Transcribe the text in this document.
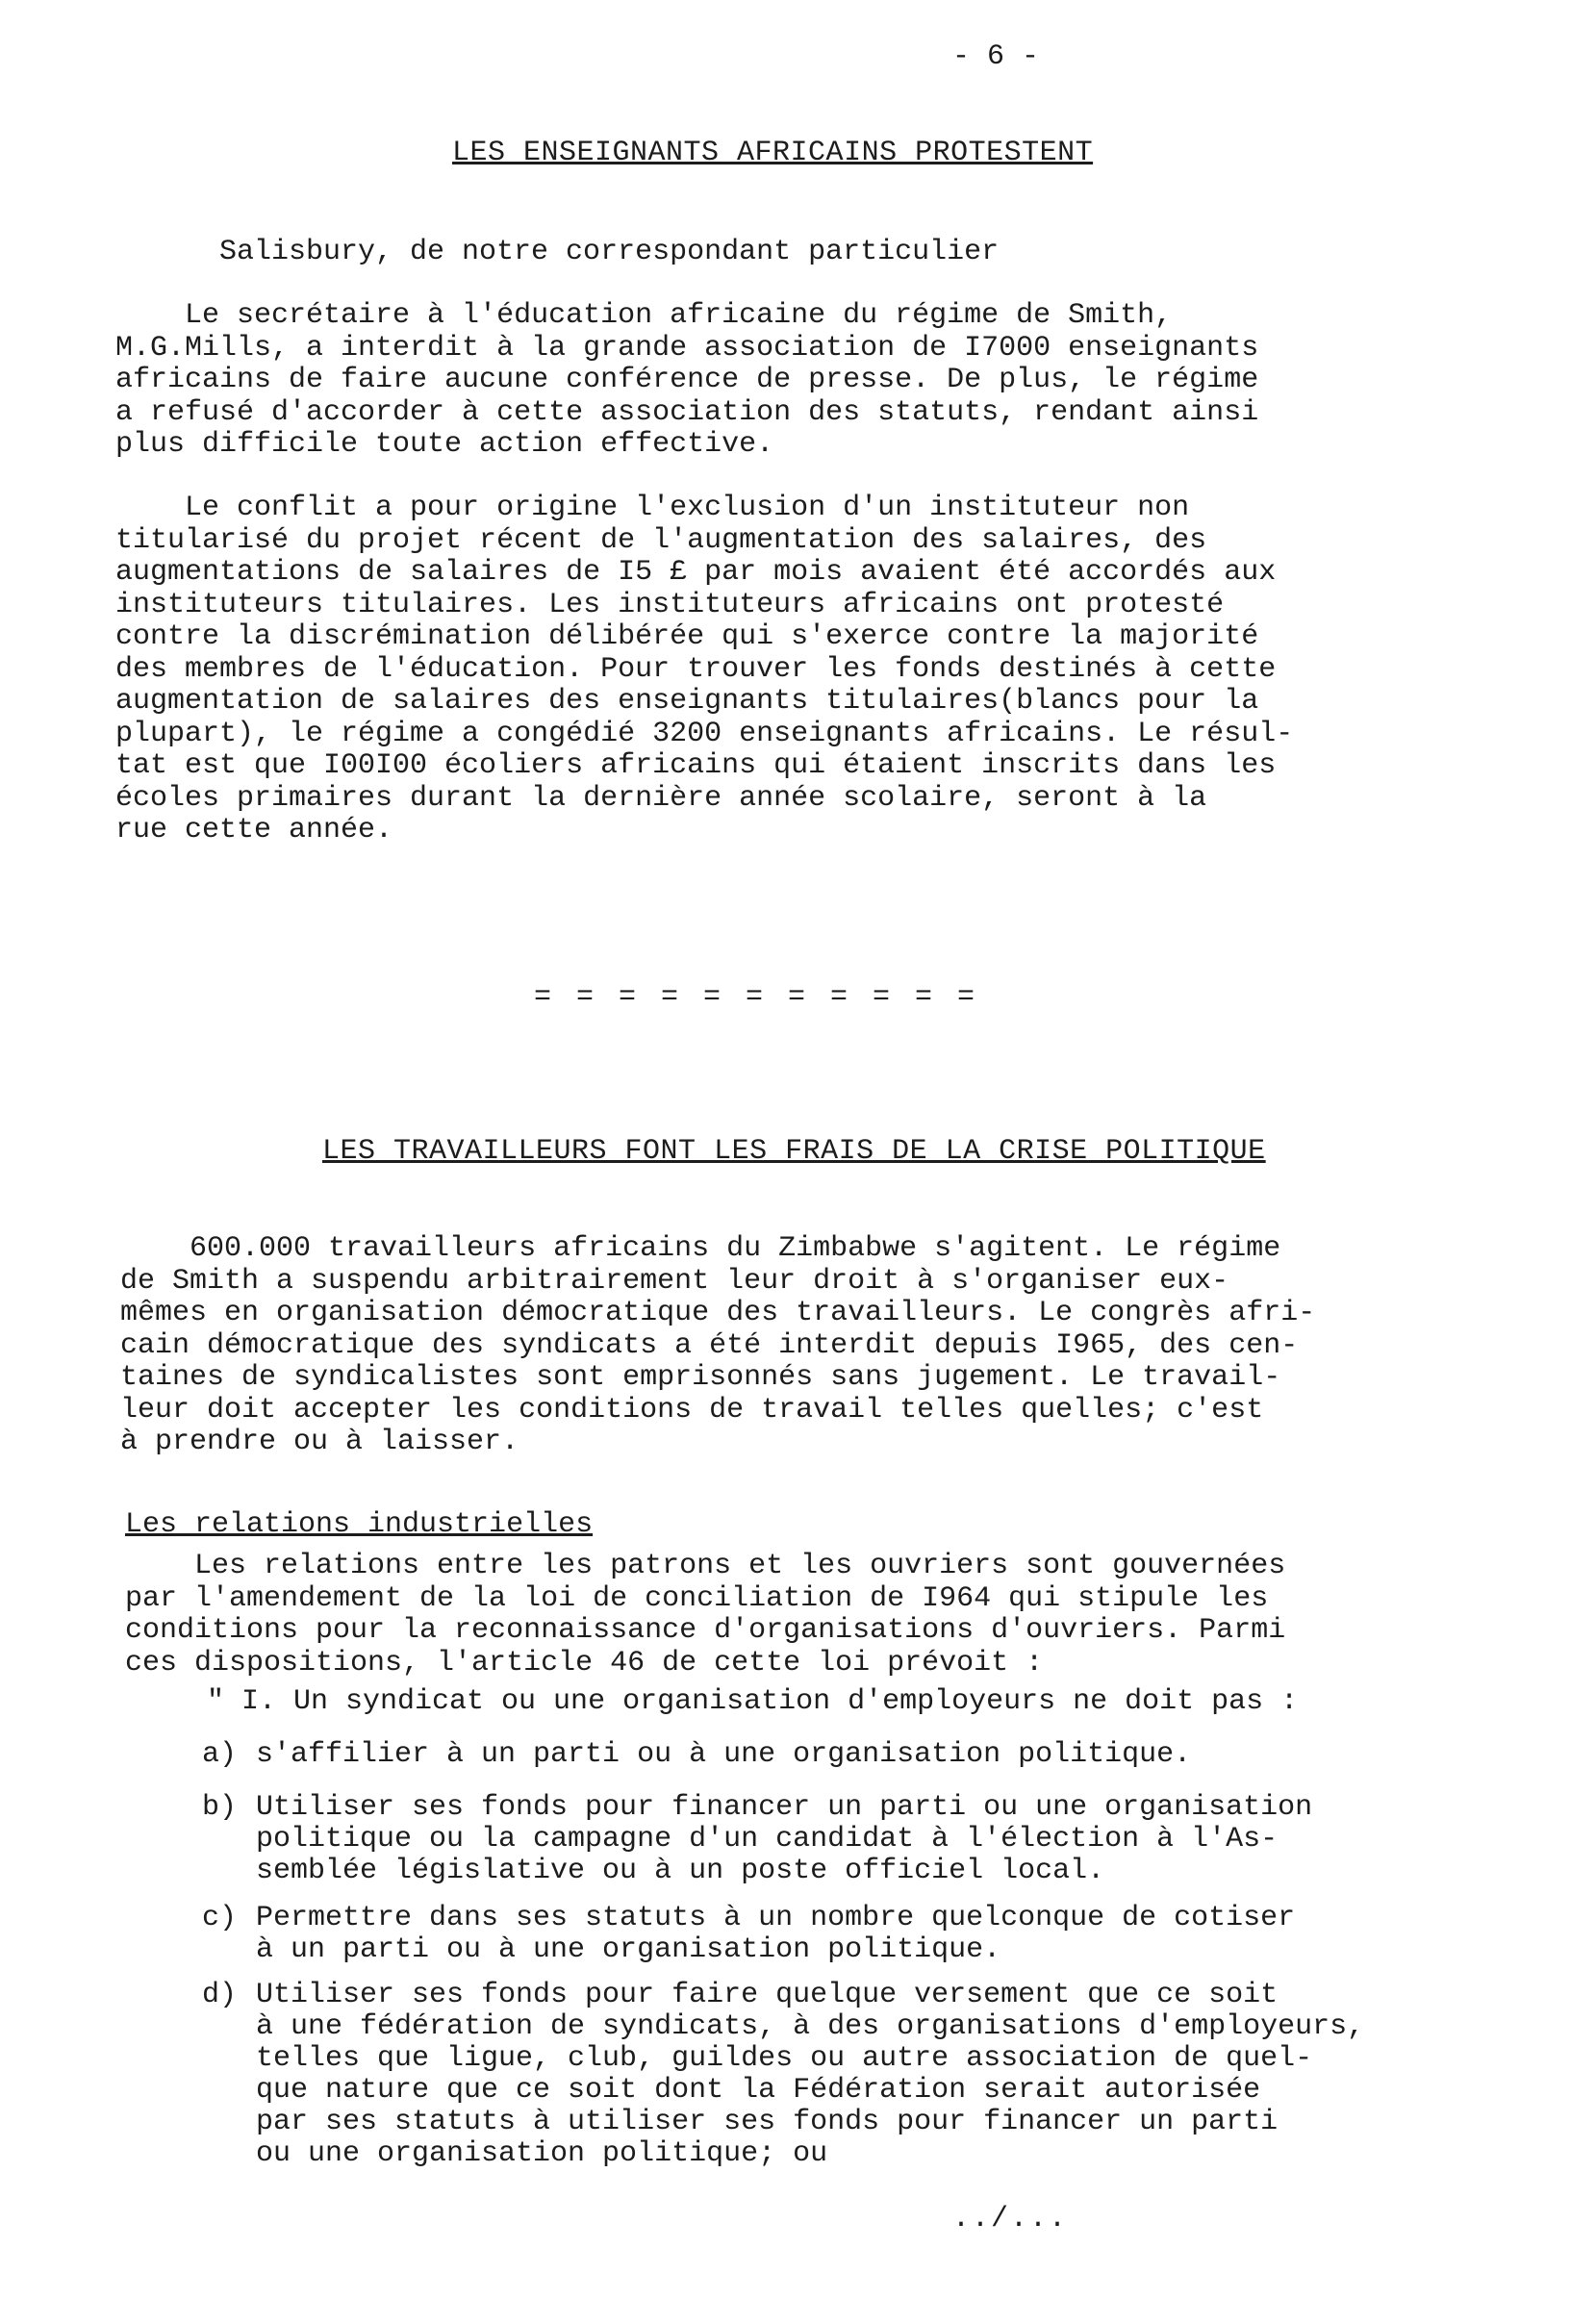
- 6 -
LES ENSEIGNANTS AFRICAINS PROTESTENT
Salisbury, de notre correspondant particulier
Le secrétaire à l'éducation africaine du régime de Smith,
M.G.Mills, a interdit à la grande association de I7000 enseignants
africains de faire aucune conférence de presse. De plus, le régime
a refusé d'accorder à cette association des statuts, rendant ainsi
plus difficile toute action effective.
Le conflit a pour origine l'exclusion d'un instituteur non
titularisé du projet récent de l'augmentation des salaires, des
augmentations de salaires de I5 £ par mois avaient été accordés aux
instituteurs titulaires. Les instituteurs africains ont protesté
contre la discrémination délibérée qui s'exerce contre la majorité
des membres de l'éducation. Pour trouver les fonds destinés à cette
augmentation de salaires des enseignants titulaires(blancs pour la
plupart), le régime a congédié 3200 enseignants africains. Le résul-
tat est que I00I00 écoliers africains qui étaient inscrits dans les
écoles primaires durant la dernière année scolaire, seront à la
rue cette année.
= = = = = = = = = = =
LES TRAVAILLEURS FONT LES FRAIS DE LA CRISE POLITIQUE
600.000 travailleurs africains du Zimbabwe s'agitent. Le régime
de Smith a suspendu arbitrairement leur droit à s'organiser eux-
mêmes en organisation démocratique des travailleurs. Le congrès afri-
cain démocratique des syndicats a été interdit depuis I965, des cen-
taines de syndicalistes sont emprisonnés sans jugement. Le travail-
leur doit accepter les conditions de travail telles quelles; c'est
à prendre ou à laisser.
Les relations industrielles
Les relations entre les patrons et les ouvriers sont gouvernées
par l'amendement de la loi de conciliation de I964 qui stipule les
conditions pour la reconnaissance d'organisations d'ouvriers. Parmi
ces dispositions, l'article 46 de cette loi prévoit :
" I. Un syndicat ou une organisation d'employeurs ne doit pas :

a)

s'affilier à un parti ou à une organisation politique.

b)

Utiliser ses fonds pour financer un parti ou une organisation
politique ou la campagne d'un candidat à l'élection à l'As-
semblée législative ou à un poste officiel local.

c)

Permettre dans ses statuts à un nombre quelconque de cotiser
à un parti ou à une organisation politique.

d)

Utiliser ses fonds pour faire quelque versement que ce soit
à une fédération de syndicats, à des organisations d'employeurs,
telles que ligue, club, guildes ou autre association de quel-
que nature que ce soit dont la Fédération serait autorisée
par ses statuts à utiliser ses fonds pour financer un parti
ou une organisation politique; ou

../...
